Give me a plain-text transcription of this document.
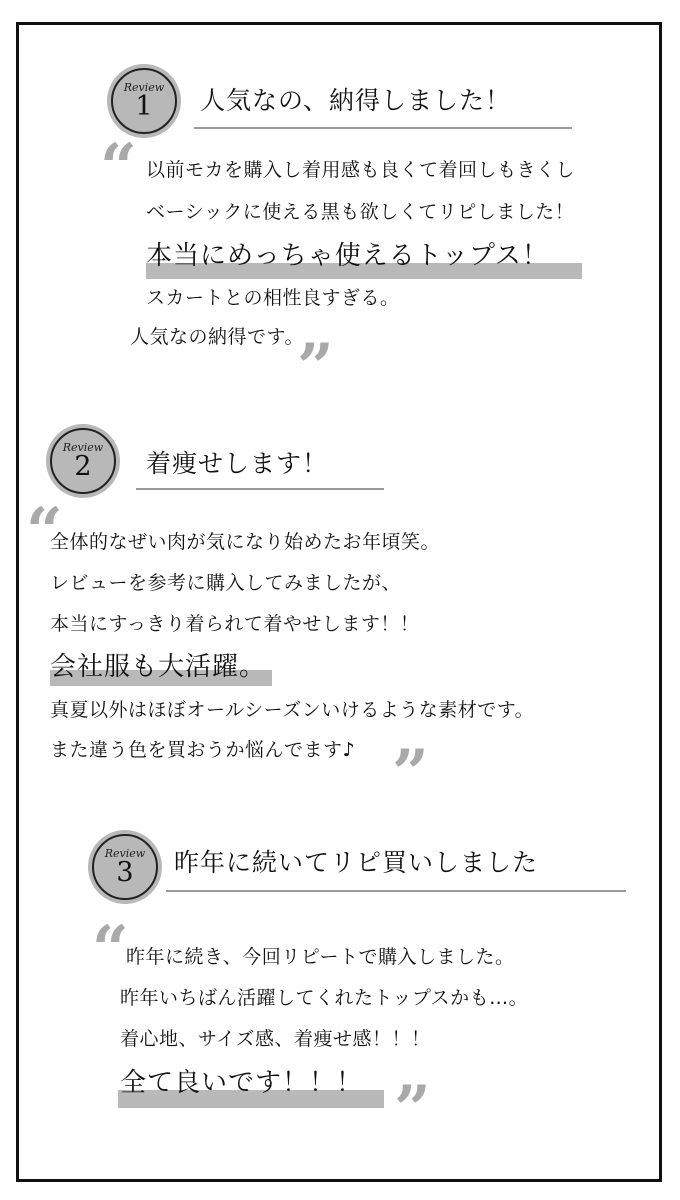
Review
1	人気なの、納得しました！
“ 以前モカを購入し着用感も良くて着回しもきくし
ベーシックに使える黒も欲しくてリピしました！
本当にめっちゃ使えるトップス！
スカートとの相性良すぎる。
人気なの納得です。
”
Review
2	着痩せします！
“
全体的なぜい肉が気になり始めたお年頃笑。
レビューを参考に購入してみましたが、
本当にすっきり着られて着やせします！！
会社服も大活躍。
真夏以外はほぼオールシーズンいけるような素材です。
また違う色を買おうか悩んでます♪ ”
Review
3	昨年に続いてリピ買いしました
“
昨年に続き、今回リピートで購入しました。
昨年いちばん活躍してくれたトップスかも…。
着心地、サイズ感、着痩せ感！！！
全て良いです！！！ ”
